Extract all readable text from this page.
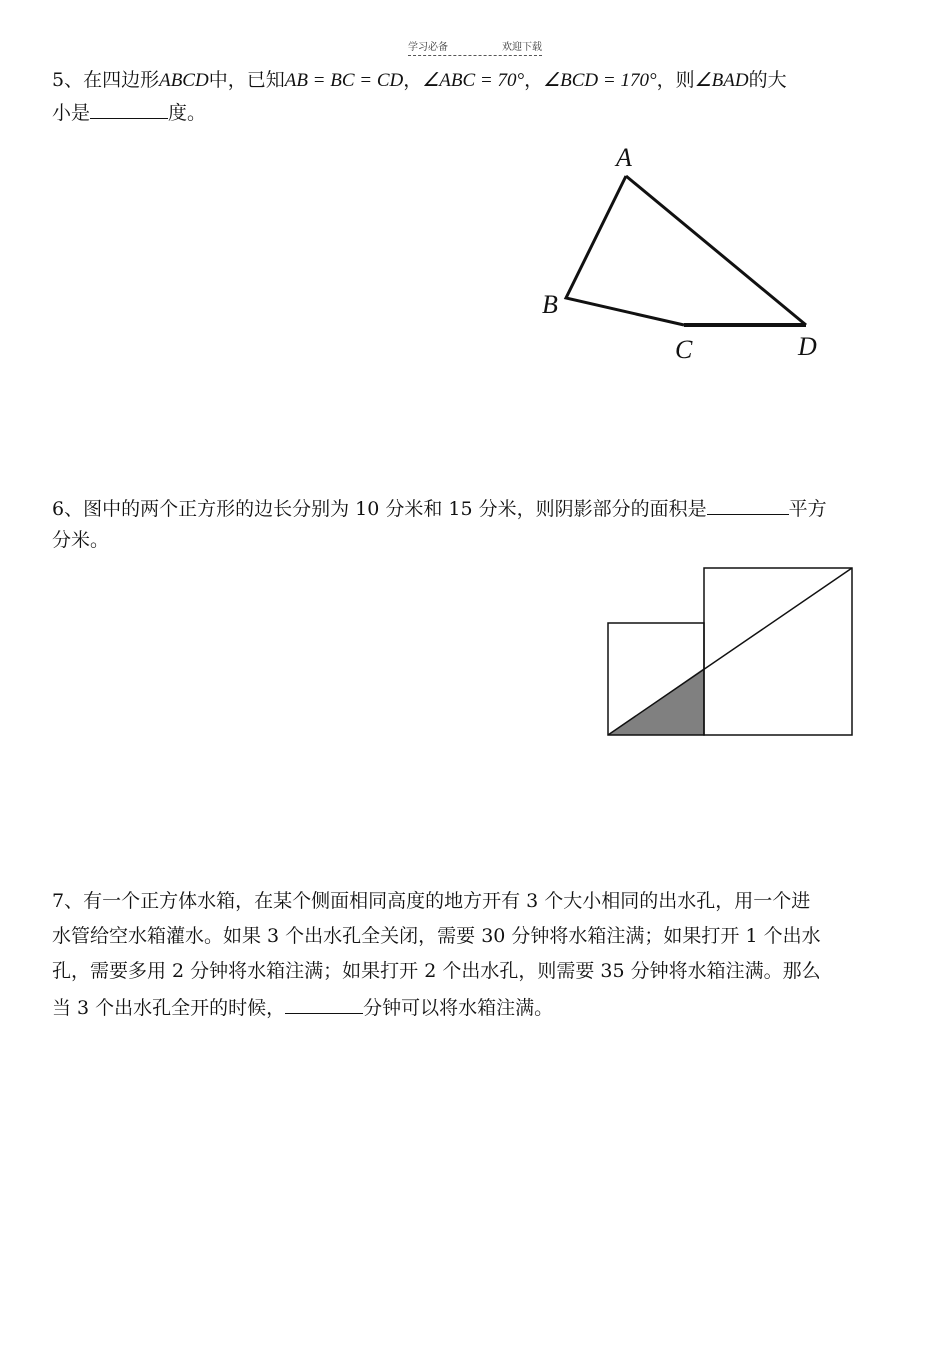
学习必备	欢迎下载

5、在四边形ABCD中，已知AB = BC = CD，∠ABC = 70°，∠BCD = 170°，则∠BAD的大

小是	度。

A
B
C	D

6、图中的两个正方形的边长分别为 10 分米和 15 分米，则阴影部分的面积是	平方

分米。

7、有一个正方体水箱，在某个侧面相同高度的地方开有 3 个大小相同的出水孔，用一个进

水管给空水箱灌水。如果 3 个出水孔全关闭，需要 30 分钟将水箱注满；如果打开 1 个出水

孔，需要多用 2 分钟将水箱注满；如果打开 2 个出水孔，则需要 35 分钟将水箱注满。那么

当 3 个出水孔全开的时候，	分钟可以将水箱注满。
